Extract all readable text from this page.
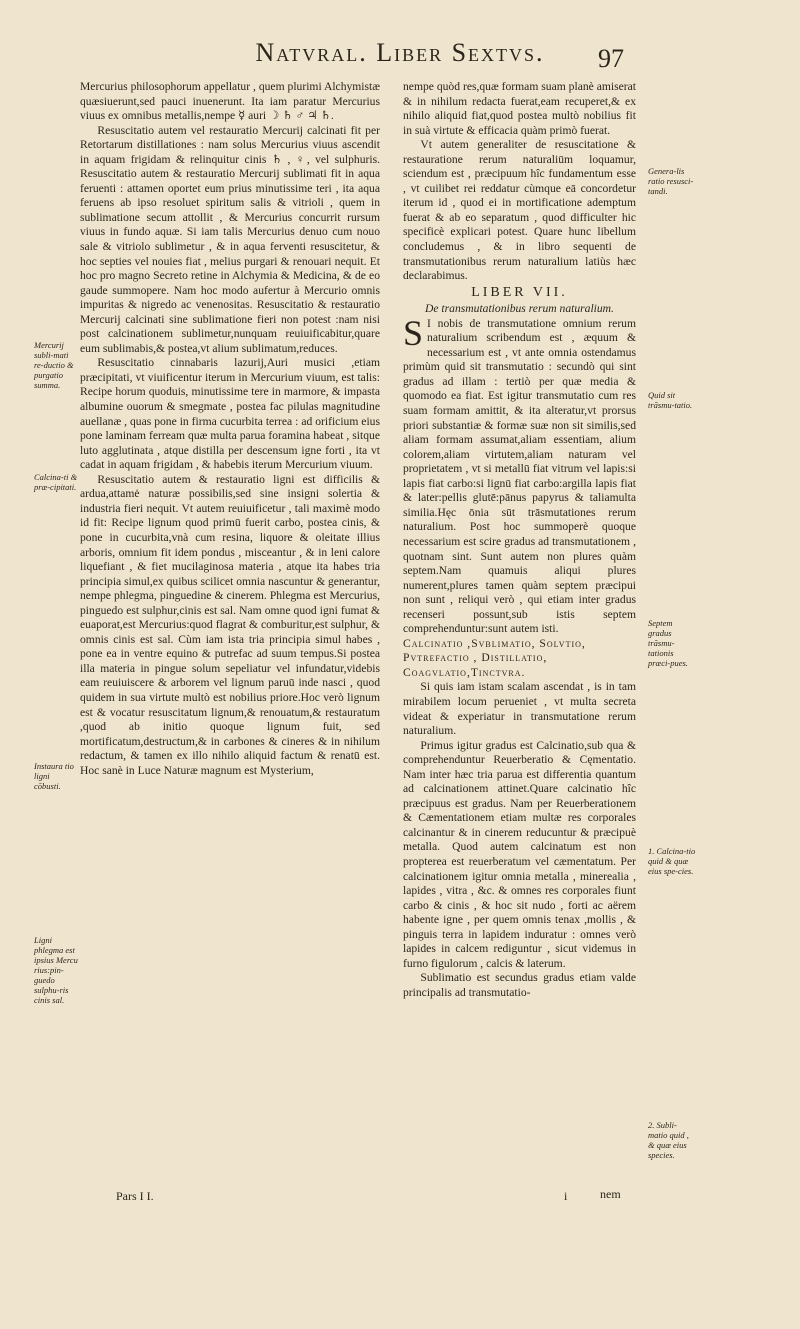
Natvral. Liber Sextvs.	97

Mercurius philosophorum appellatur , quem plurimi Alchymistæ quæsiuerunt,sed pauci inuenerunt. Ita iam paratur Mercurius viuus ex omnibus metallis,nempe ☿ auri ☽ ♄ ♂ ♃ ♄.

Resuscitatio autem vel restauratio Mercurij calcinati fit per Retortarum distillationes : nam solus Mercurius viuus ascendit in aquam frigidam & relinquitur cinis ♄ , ♀, vel sulphuris. Resuscitatio autem & restauratio Mercurij sublimati fit in aqua feruenti : attamen oportet eum prius minutissime teri , ita aqua feruens ab ipso resoluet spiritum salis & vitrioli , quem in sublimatione secum attollit , & Mercurius concurrit rursum viuus in fundo aquæ. Si iam talis Mercurius denuo cum nouo sale & vitriolo sublimetur , & in aqua ferventi resuscitetur, & hoc septies vel nouies fiat , melius purgari & renouari nequit. Et hoc pro magno Secreto retine in Alchymia & Medicina, & de eo gaude summopere. Nam hoc modo aufertur à Mercurio omnis impuritas & nigredo ac venenositas. Resuscitatio & restauratio Mercurij calcinati sine sublimatione fieri non potest :nam nisi post calcinationem sublimetur,nunquam reuiuificabitur,quare eum sublimabis,& postea,vt alium sublimatum,reduces.

Resuscitatio cinnabaris lazurij,Auri musici ,etiam præcipitati, vt viuificentur iterum in Mercurium viuum, est talis: Recipe horum quoduis, minutissime tere in marmore, & impasta albumine ouorum & smegmate , postea fac pilulas magnitudine auellanæ , quas pone in firma cucurbita terrea : ad orificium eius pone laminam ferream quæ multa parua foramina habeat , sitque luto agglutinata , atque distilla per descensum igne forti , ita vt cadat in aquam frigidam , & habebis iterum Mercurium viuum.

Resuscitatio autem & restauratio ligni est difficilis & ardua,attamė naturæ possibilis,sed sine insigni solertia & industria fieri nequit. Vt autem reuiuificetur , tali maximè modo id fit: Recipe lignum quod primū fuerit carbo, postea cinis, & pone in cucurbita,vnà cum resina, liquore & oleitate illius arboris, omnium fit idem pondus , misceantur , & in leni calore liquefiant , & fiet mucilaginosa materia , atque ita habes tria principia simul,ex quibus scilicet omnia nascuntur & generantur, nempe phlegma, pinguedine & cinerem. Phlegma est Mercurius, pinguedo est sulphur,cinis est sal. Nam omne quod igni fumat & euaporat,est Mercurius:quod flagrat & comburitur,est sulphur, & omnis cinis est sal. Cùm iam ista tria principia simul habes , pone ea in ventre equino & putrefac ad suum tempus.Si postea illa materia in pingue solum sepeliatur vel infundatur,videbis eam reuiuiscere & arborem vel lignum paruū inde nasci , quod quidem in sua virtute multò est nobilius priore.Hoc verò lignum est & vocatur resuscitatum lignum,& renouatum,& restauratum ,quod ab initio quoque lignum fuit, sed mortificatum,destructum,& in carbones & cineres & in nihilum redactum, & tamen ex illo nihilo aliquid factum & renatū est. Hoc sanè in Luce Naturæ magnum est Mysterium,

Mercurij subli-mati re-ductio & purgatio summa.
Calcina-ti & præ-cipitati.
Instaura tio ligni cōbusti.
Ligni phlegma est ipsius Mercu rius:pin-guedo sulphu-ris cinis sal.

nempe quòd res,quæ formam suam planè amiserat & in nihilum redacta fuerat,eam recuperet,& ex nihilo aliquid fiat,quod postea multò nobilius fit in suà virtute & efficacia quàm primò fuerat.

Vt autem generaliter de resuscitatione & restauratione rerum naturaliūm loquamur, sciendum est , præcipuum hîc fundamentum esse , vt cuilibet rei reddatur cùmque eā concordetur iterum id , quod ei in mortificatione ademptum fuerat & ab eo separatum , quod difficulter hic specificè explicari potest. Quare hunc libellum concludemus , & in libro sequenti de transmutationibus rerum naturalium latiùs hæc declarabimus.

LIBER VII.
De transmutationibus rerum naturalium.

S I nobis de transmutatione omnium rerum naturalium scribendum est , æquum & necessarium est , vt ante omnia ostendamus primùm quid sit transmutatio : secundò qui sint gradus ad illam : tertiò per quæ media & quomodo ea fiat. Est igitur transmutatio cum res suam formam amittit, & ita alteratur,vt prorsus priori substantiæ & formæ suæ non sit similis,sed aliam formam assumat,aliam essentiam, alium colorem,aliam virtutem,aliam naturam vel proprietatem , vt si metallū fiat vitrum vel lapis:si lapis fiat carbo:si lignū fiat carbo:argilla lapis fiat & later:pellis glutē:pānus papyrus & taliamulta similia.Hęc ōnia sūt trāsmutationes rerum naturalium. Post hoc summoperè quoque necessarium est scire gradus ad transmutationem , quotnam sint. Sunt autem non plures quàm septem.Nam quamuis aliqui plures numerent,plures tamen quàm septem præcipui non sunt , reliqui verò , qui etiam inter gradus recenseri possunt,sub istis septem comprehenduntur:sunt autem isti.

Calcinatio ,Svblimatio, Solvtio, Pvtrefactio , Distillatio, Coagvlatio,Tinctvra.

Si quis iam istam scalam ascendat , is in tam mirabilem locum perueniet , vt multa secreta videat & experiatur in transmutatione rerum naturalium.

Primus igitur gradus est Calcinatio,sub qua & comprehenduntur Reuerberatio & Cęmentatio. Nam inter hæc tria parua est differentia quantum ad calcinationem attinet.Quare calcinatio hîc præcipuus est gradus. Nam per Reuerberationem & Cæmentationem etiam multæ res corporales calcinantur & in cinerem reducuntur & præcipuè metalla. Quod autem calcinatum est non propterea est reuerberatum vel cæmentatum. Per calcinationem igitur omnia metalla , minerealia , lapides , vitra , &c. & omnes res corporales fiunt carbo & cinis , & hoc sit nudo , forti ac aërem habente igne , per quem omnis tenax ,mollis , & pinguis terra in lapidem induratur : omnes verò lapides in calcem rediguntur , sicut videmus in furno figulorum , calcis & laterum.

Sublimatio est secundus gradus etiam valde principalis ad transmutatio-

Genera-lis ratio resusci-tandi.
Quid sit trāsmu-tatio.
Septem gradus trāsmu-tationis præci-pues.
1. Calcina-tio quid & quæ eius spe-cies.
2. Subli-matio quid , & quæ eius species.
Pars I I.	i	nem
